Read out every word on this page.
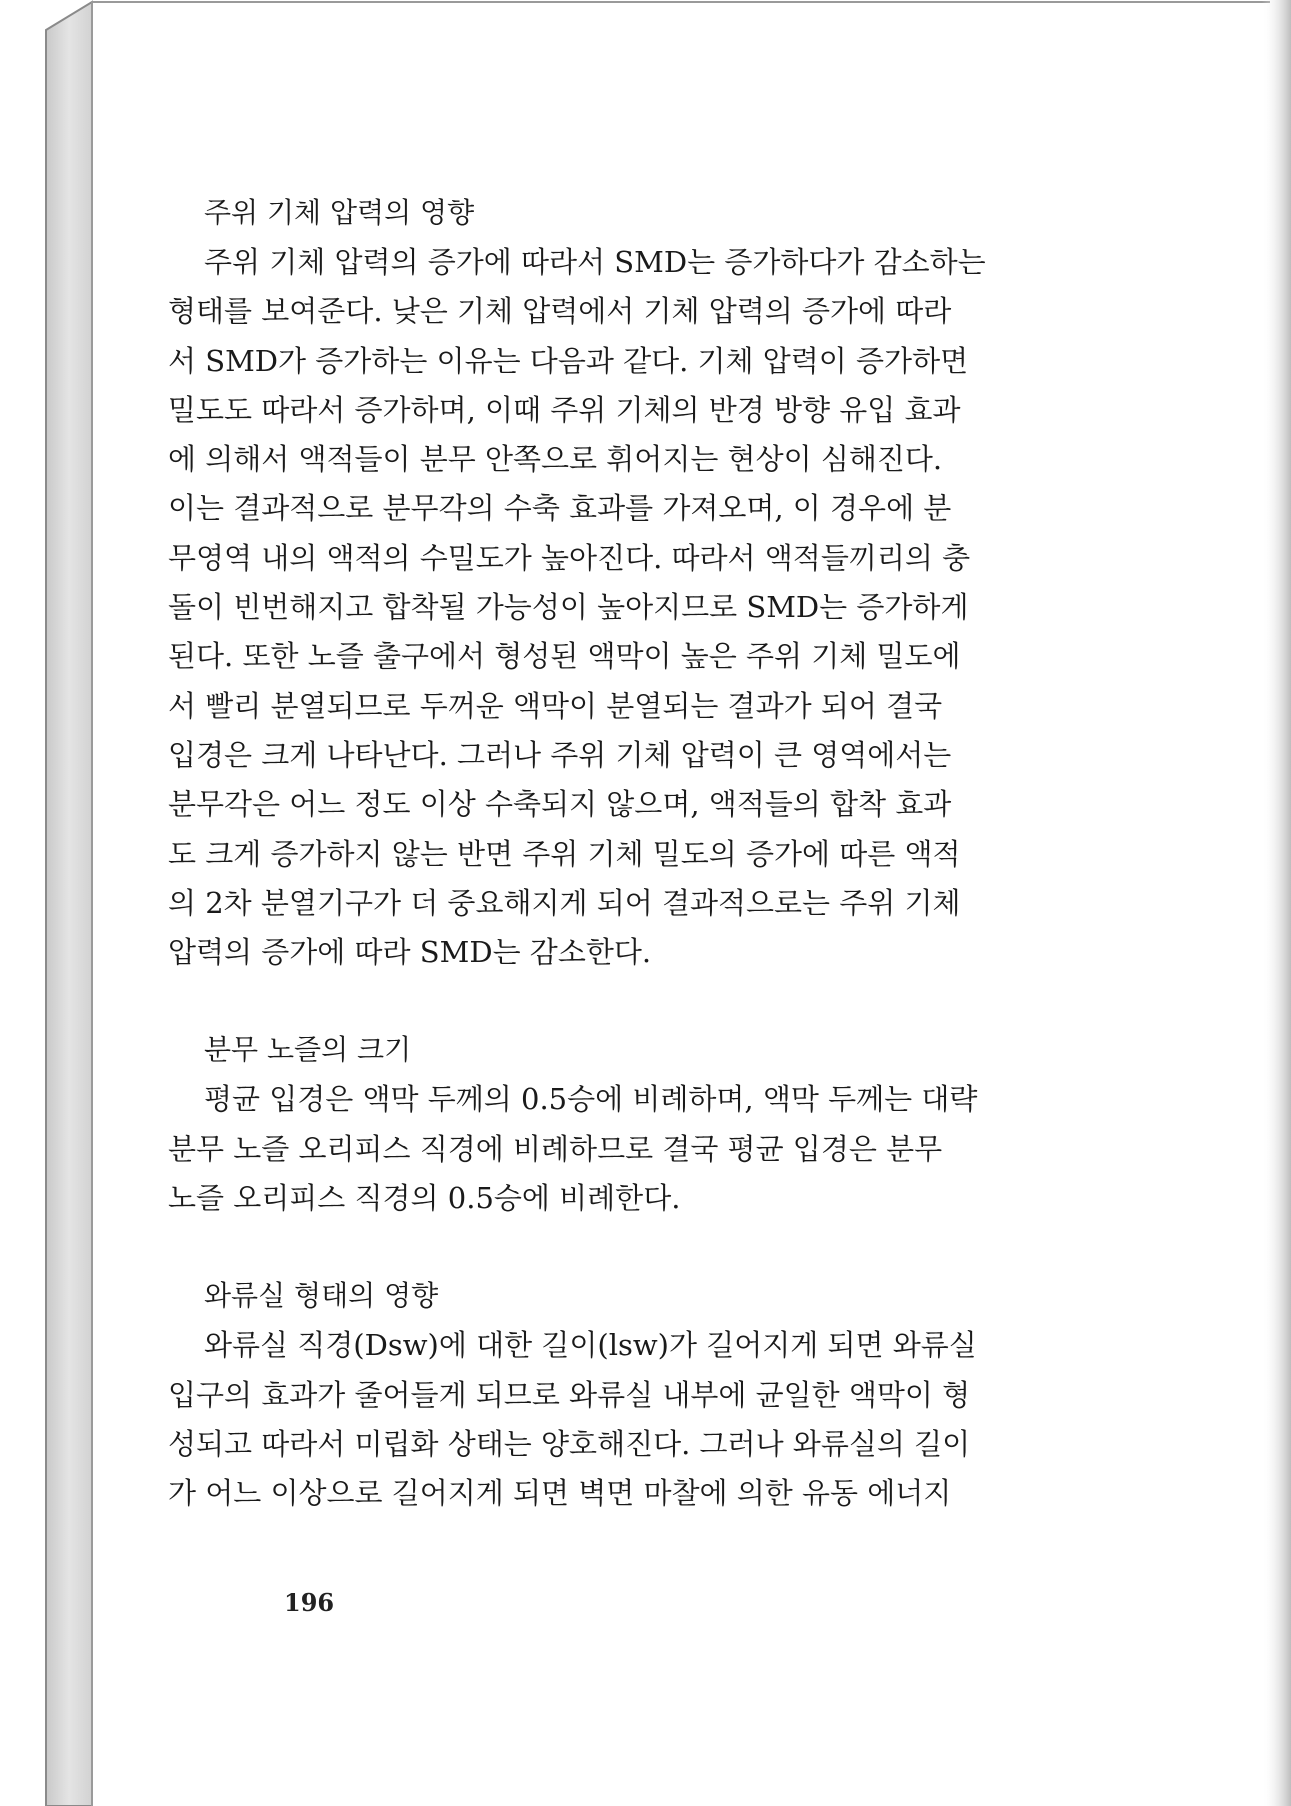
주위 기체 압력의 영향

주위 기체 압력의 증가에 따라서 SMD는 증가하다가 감소하는
형태를 보여준다. 낮은 기체 압력에서 기체 압력의 증가에 따라
서 SMD가 증가하는 이유는 다음과 같다. 기체 압력이 증가하면
밀도도 따라서 증가하며, 이때 주위 기체의 반경 방향 유입 효과
에 의해서 액적들이 분무 안쪽으로 휘어지는 현상이 심해진다.
이는 결과적으로 분무각의 수축 효과를 가져오며, 이 경우에 분
무영역 내의 액적의 수밀도가 높아진다. 따라서 액적들끼리의 충
돌이 빈번해지고 합착될 가능성이 높아지므로 SMD는 증가하게
된다. 또한 노즐 출구에서 형성된 액막이 높은 주위 기체 밀도에
서 빨리 분열되므로 두꺼운 액막이 분열되는 결과가 되어 결국
입경은 크게 나타난다. 그러나 주위 기체 압력이 큰 영역에서는
분무각은 어느 정도 이상 수축되지 않으며, 액적들의 합착 효과
도 크게 증가하지 않는 반면 주위 기체 밀도의 증가에 따른 액적
의 2차 분열기구가 더 중요해지게 되어 결과적으로는 주위 기체
압력의 증가에 따라 SMD는 감소한다.

분무 노즐의 크기

평균 입경은 액막 두께의 0.5승에 비례하며, 액막 두께는 대략
분무 노즐 오리피스 직경에 비례하므로 결국 평균 입경은 분무
노즐 오리피스 직경의 0.5승에 비례한다.

와류실 형태의 영향

와류실 직경(Dsw)에 대한 길이(lsw)가 길어지게 되면 와류실
입구의 효과가 줄어들게 되므로 와류실 내부에 균일한 액막이 형
성되고 따라서 미립화 상태는 양호해진다. 그러나 와류실의 길이
가 어느 이상으로 길어지게 되면 벽면 마찰에 의한 유동 에너지

196
